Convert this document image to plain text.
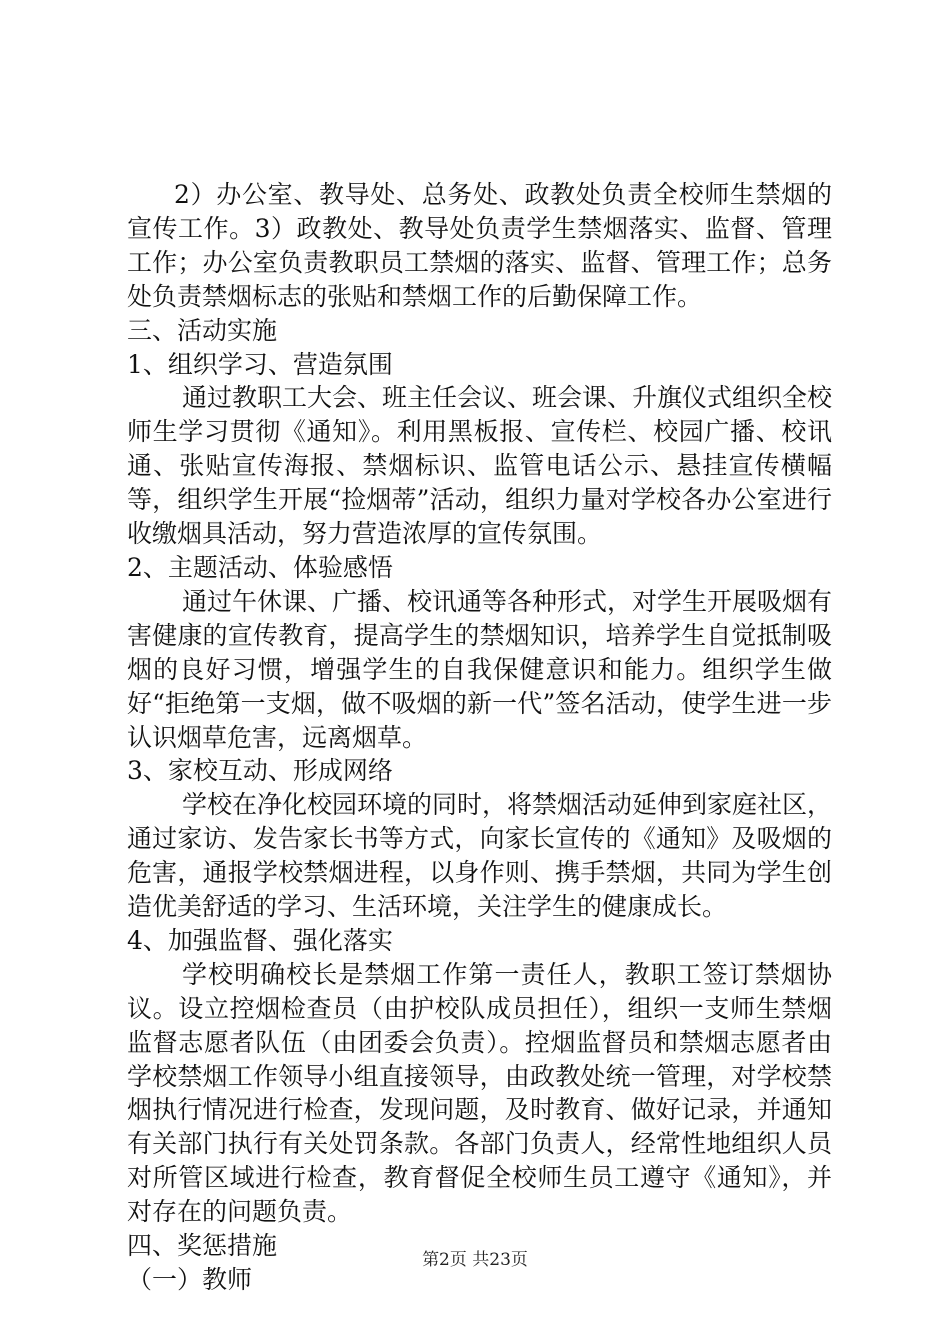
2）办公室、教导处、总务处、政教处负责全校师生禁烟的宣传工作。3）政教处、教导处负责学生禁烟落实、监督、管理工作；办公室负责教职员工禁烟的落实、监督、管理工作；总务处负责禁烟标志的张贴和禁烟工作的后勤保障工作。

三、活动实施

1、组织学习、营造氛围

通过教职工大会、班主任会议、班会课、升旗仪式组织全校师生学习贯彻《通知》。利用黑板报、宣传栏、校园广播、校讯通、张贴宣传海报、禁烟标识、监管电话公示、悬挂宣传横幅等，组织学生开展“捡烟蒂”活动，组织力量对学校各办公室进行收缴烟具活动，努力营造浓厚的宣传氛围。

2、主题活动、体验感悟

通过午休课、广播、校讯通等各种形式，对学生开展吸烟有害健康的宣传教育，提高学生的禁烟知识，培养学生自觉抵制吸烟的良好习惯，增强学生的自我保健意识和能力。组织学生做好“拒绝第一支烟，做不吸烟的新一代”签名活动，使学生进一步认识烟草危害，远离烟草。

3、家校互动、形成网络

学校在净化校园环境的同时，将禁烟活动延伸到家庭社区，通过家访、发告家长书等方式，向家长宣传的《通知》及吸烟的危害，通报学校禁烟进程，以身作则、携手禁烟，共同为学生创造优美舒适的学习、生活环境，关注学生的健康成长。

4、加强监督、强化落实

学校明确校长是禁烟工作第一责任人，教职工签订禁烟协议。设立控烟检查员（由护校队成员担任），组织一支师生禁烟监督志愿者队伍（由团委会负责）。控烟监督员和禁烟志愿者由学校禁烟工作领导小组直接领导，由政教处统一管理，对学校禁烟执行情况进行检查，发现问题，及时教育、做好记录，并通知有关部门执行有关处罚条款。各部门负责人，经常性地组织人员对所管区域进行检查，教育督促全校师生员工遵守《通知》，并对存在的问题负责。

四、奖惩措施

（一）教师

第2页 共23页
